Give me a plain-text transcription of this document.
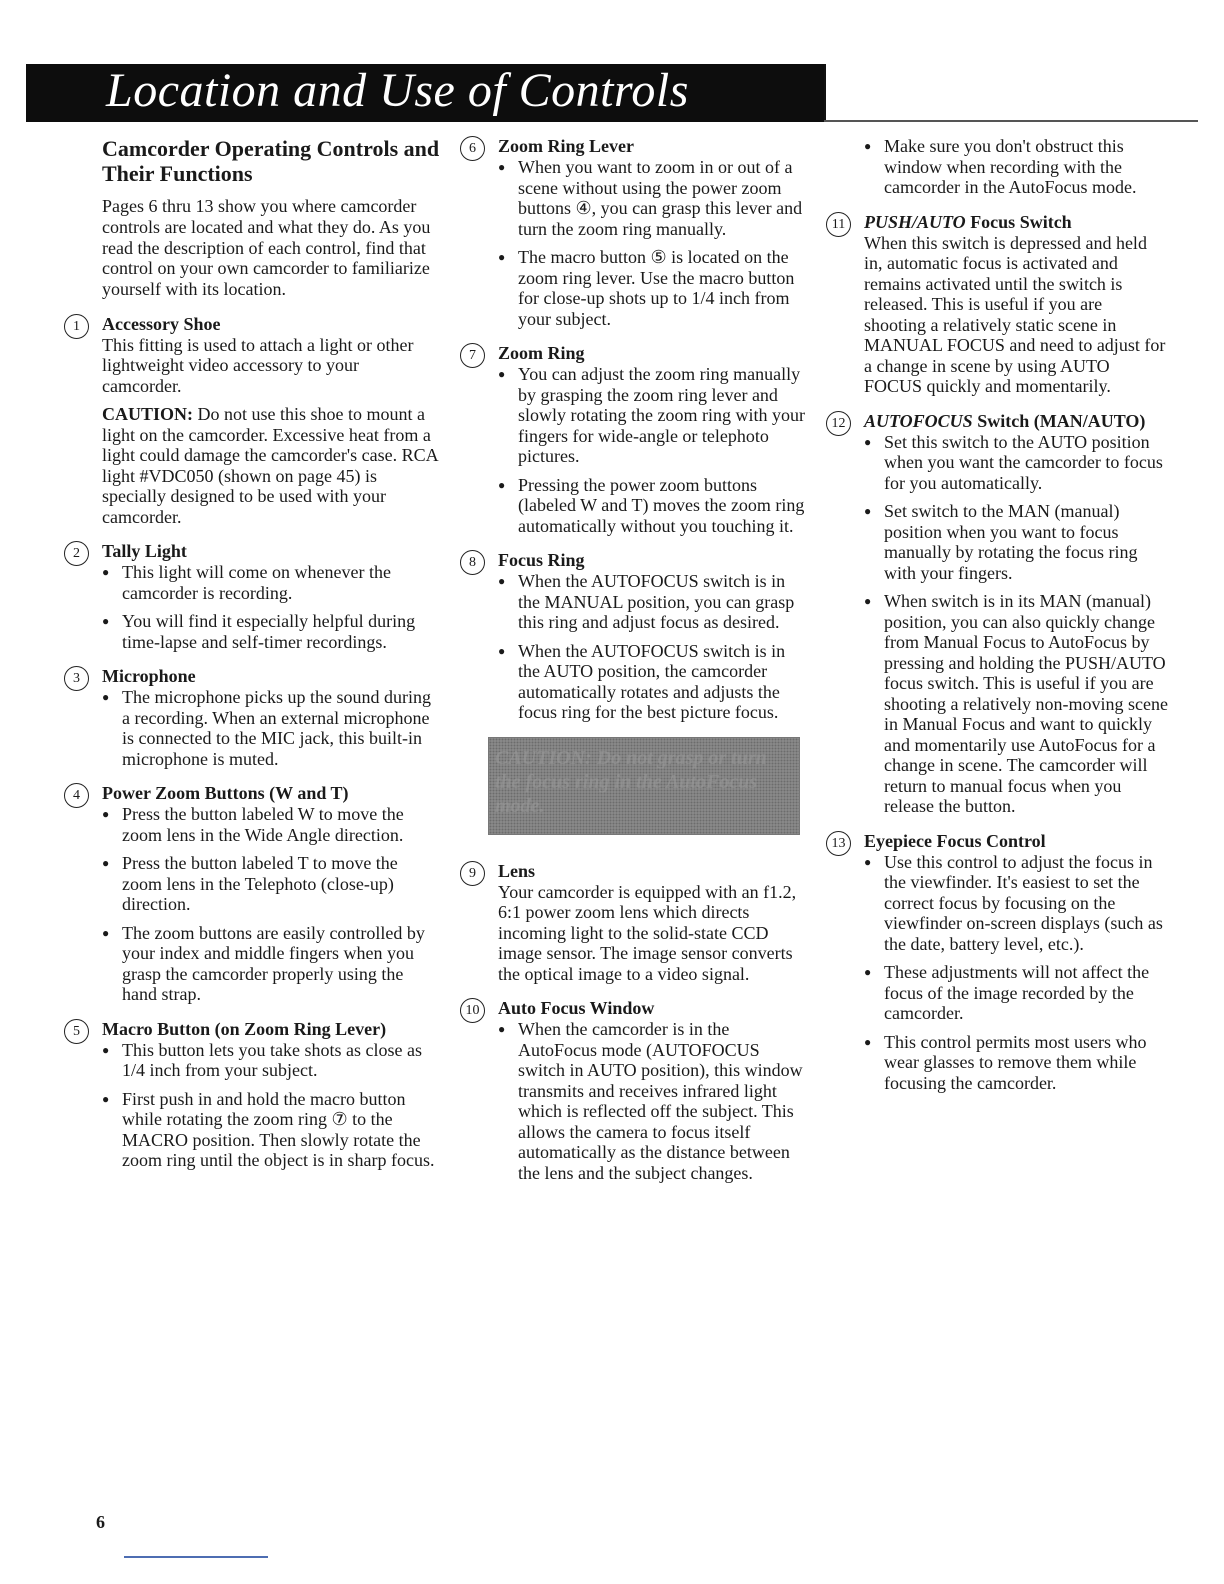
Location and Use of Controls
Camcorder Operating Controls and Their Functions

Pages 6 thru 13 show you where camcorder controls are located and what they do. As you read the description of each control, find that control on your own camcorder to familiarize yourself with its location.

1	Accessory Shoe

This fitting is used to attach a light or other lightweight video accessory to your camcorder.

CAUTION: Do not use this shoe to mount a light on the camcorder. Excessive heat from a light could damage the camcorder's case. RCA light #VDC050 (shown on page 45) is specially designed to be used with your camcorder.

2	Tally Light
● This light will come on whenever the camcorder is recording.
● You will find it especially helpful during time-lapse and self-timer recordings.
3	Microphone
● The microphone picks up the sound during a recording. When an external microphone is connected to the MIC jack, this built-in microphone is muted.
4	Power Zoom Buttons (W and T)
● Press the button labeled W to move the zoom lens in the Wide Angle direction.
● Press the button labeled T to move the zoom lens in the Telephoto (close-up) direction.
● The zoom buttons are easily controlled by your index and middle fingers when you grasp the camcorder properly using the hand strap.
5	Macro Button (on Zoom Ring Lever)
● This button lets you take shots as close as 1/4 inch from your subject.
● First push in and hold the macro button while rotating the zoom ring ⑦ to the MACRO position. Then slowly rotate the zoom ring until the object is in sharp focus.
6	Zoom Ring Lever
● When you want to zoom in or out of a scene without using the power zoom buttons ④, you can grasp this lever and turn the zoom ring manually.
● The macro button ⑤ is located on the zoom ring lever. Use the macro button for close-up shots up to 1/4 inch from your subject.
7	Zoom Ring
● You can adjust the zoom ring manually by grasping the zoom ring lever and slowly rotating the zoom ring with your fingers for wide-angle or telephoto pictures.
● Pressing the power zoom buttons (labeled W and T) moves the zoom ring automatically without you touching it.
8	Focus Ring
● When the AUTOFOCUS switch is in the MANUAL position, you can grasp this ring and adjust focus as desired.
● When the AUTOFOCUS switch is in the AUTO position, the camcorder automatically rotates and adjusts the focus ring for the best picture focus.
CAUTION: Do not grasp or turn the focus ring in the AutoFocus mode.
9	Lens

Your camcorder is equipped with an f1.2, 6:1 power zoom lens which directs incoming light to the solid-state CCD image sensor. The image sensor converts the optical image to a video signal.

10	Auto Focus Window
● When the camcorder is in the AutoFocus mode (AUTOFOCUS switch in AUTO position), this window transmits and receives infrared light which is reflected off the subject. This allows the camera to focus itself automatically as the distance between the lens and the subject changes.
● Make sure you don't obstruct this window when recording with the camcorder in the AutoFocus mode.
11	PUSH/AUTO Focus Switch

When this switch is depressed and held in, automatic focus is activated and remains activated until the switch is released. This is useful if you are shooting a relatively static scene in MANUAL FOCUS and need to adjust for a change in scene by using AUTO FOCUS quickly and momentarily.

12	AUTOFOCUS Switch (MAN/AUTO)
● Set this switch to the AUTO position when you want the camcorder to focus for you automatically.
● Set switch to the MAN (manual) position when you want to focus manually by rotating the focus ring with your fingers.
● When switch is in its MAN (manual) position, you can also quickly change from Manual Focus to AutoFocus by pressing and holding the PUSH/AUTO focus switch. This is useful if you are shooting a relatively non-moving scene in Manual Focus and want to quickly and momentarily use AutoFocus for a change in scene. The camcorder will return to manual focus when you release the button.
13	Eyepiece Focus Control
● Use this control to adjust the focus in the viewfinder. It's easiest to set the correct focus by focusing on the viewfinder on-screen displays (such as the date, battery level, etc.).
● These adjustments will not affect the focus of the image recorded by the camcorder.
● This control permits most users who wear glasses to remove them while focusing the camcorder.
6
